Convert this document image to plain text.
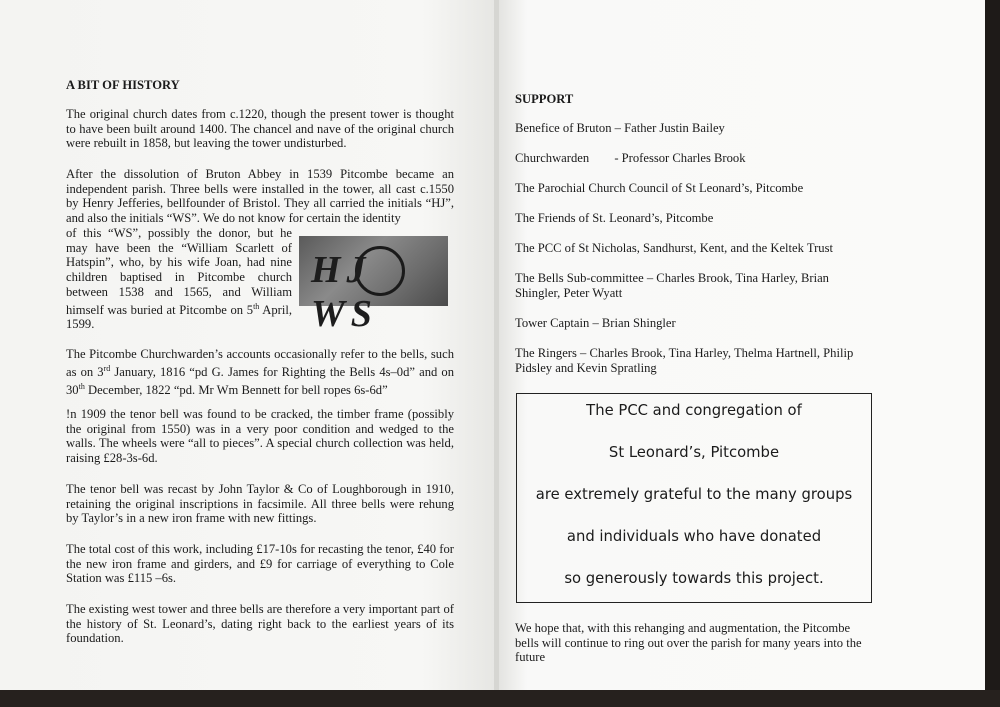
A BIT OF HISTORY
The original church dates from c.1220, though the present tower is thought to have been built around 1400. The chancel and nave of the original church were rebuilt in 1858, but leaving the tower undisturbed.
After the dissolution of Bruton Abbey in 1539 Pitcombe became an independent parish. Three bells were installed in the tower, all cast c.1550 by Henry Jefferies, bellfounder of Bristol. They all carried the initials “HJ”, and also the initials “WS”. We do not know for certain the identity
of this “WS”, possibly the donor, but he may have been the “William Scarlett of Hatspin”, who, by his wife Joan, had nine children baptised in Pitcombe church between 1538 and 1565, and William himself was buried at Pitcombe on 5th April, 1599.
HJ WS
The Pitcombe Churchwarden’s accounts occasionally refer to the bells, such as on 3rd January, 1816 “pd G. James for Righting the Bells 4s–0d” and on 30th December, 1822 “pd. Mr Wm Bennett for bell ropes 6s-6d”
!n 1909 the tenor bell was found to be cracked, the timber frame (possibly the original from 1550) was in a very poor condition and wedged to the walls. The wheels were “all to pieces”. A special church collection was held, raising £28-3s-6d.
The tenor bell was recast by John Taylor & Co of Loughborough in 1910, retaining the original inscriptions in facsimile. All three bells were rehung by Taylor’s in a new iron frame with new fittings.
The total cost of this work, including £17-10s for recasting the tenor, £40 for the new iron frame and girders, and £9 for carriage of everything to Cole Station was £115 –6s.
The existing west tower and three bells are therefore a very important part of the history of St. Leonard’s, dating right back to the earliest years of its foundation.
SUPPORT
Benefice of Bruton – Father Justin Bailey
Churchwarden        - Professor Charles Brook
The Parochial Church Council of St Leonard’s, Pitcombe
The Friends of St. Leonard’s, Pitcombe
The PCC of St Nicholas, Sandhurst, Kent, and the Keltek Trust
The Bells Sub-committee – Charles Brook, Tina Harley, Brian Shingler, Peter Wyatt
Tower Captain – Brian Shingler
The Ringers – Charles Brook, Tina Harley, Thelma Hartnell, Philip Pidsley and Kevin Spratling
The PCC and congregation of
St Leonard’s, Pitcombe
are extremely grateful to the many groups
and individuals who have donated
so generously towards this project.
We hope that, with this rehanging and augmentation, the Pitcombe bells will continue to ring out over the parish for many years into the future
